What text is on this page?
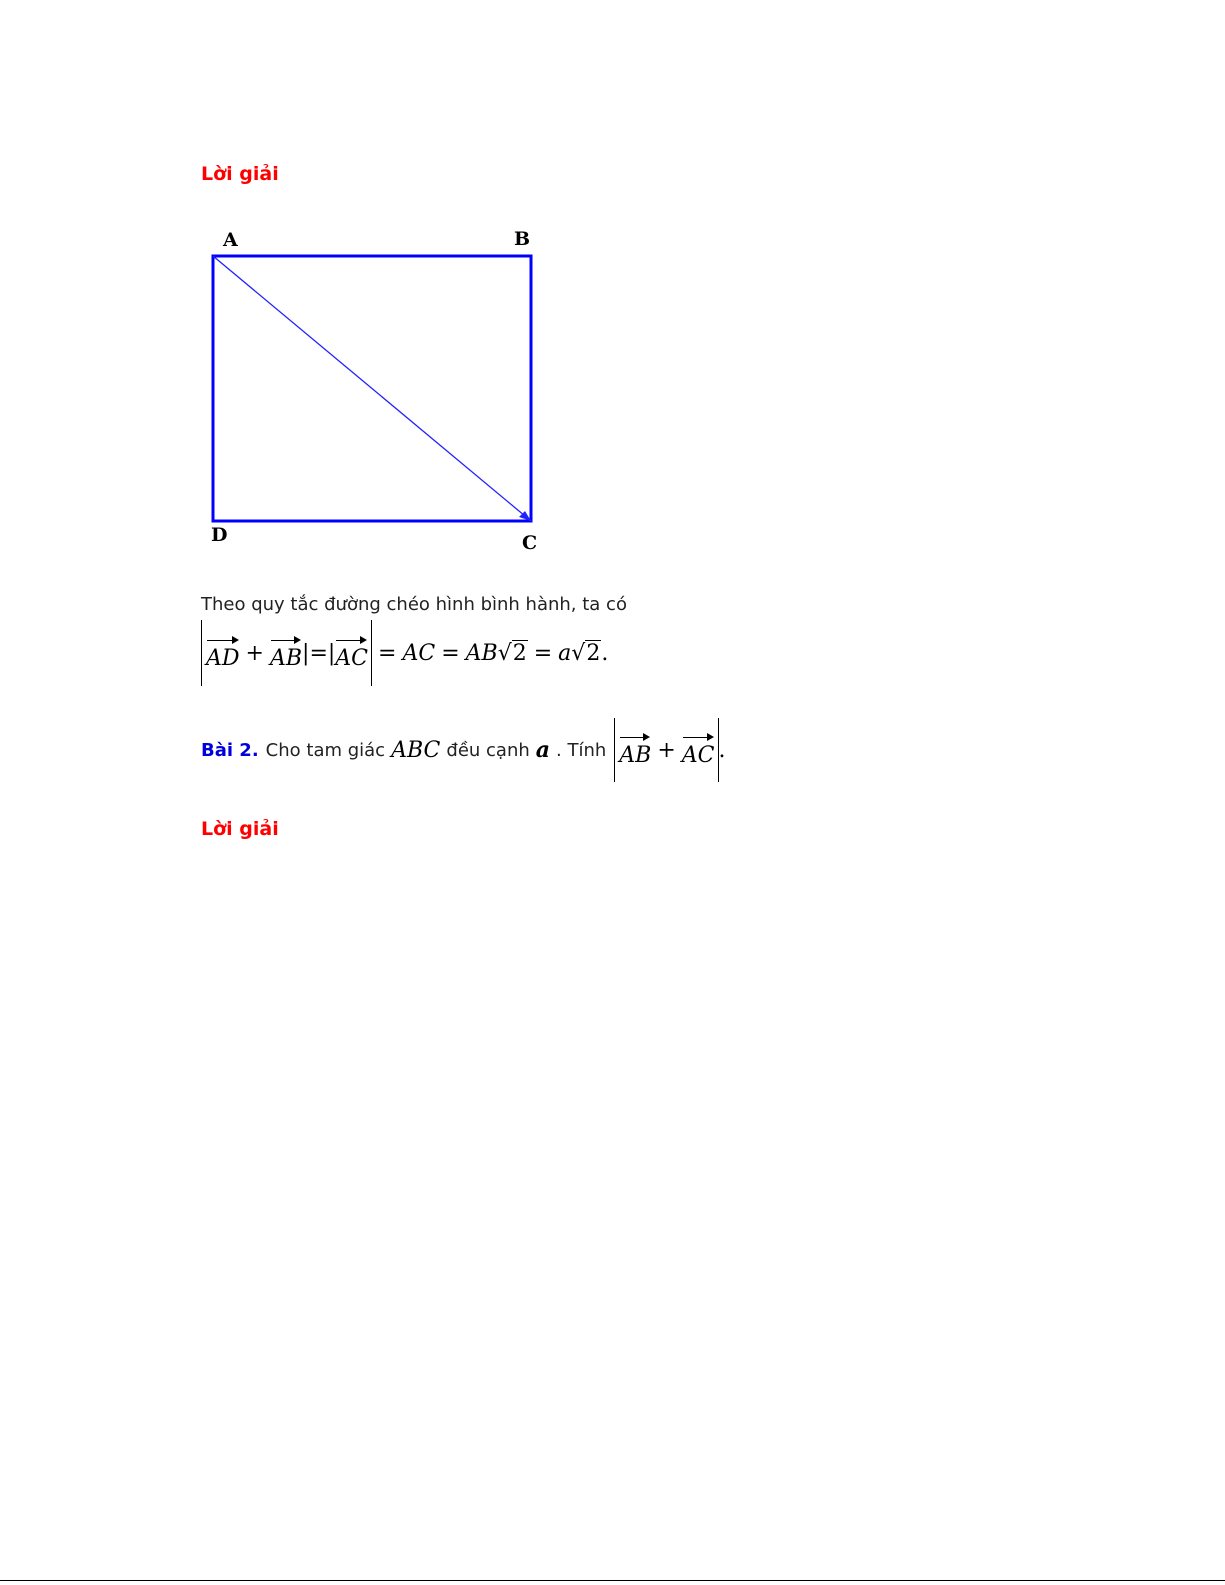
Lời giải
A	B
C
D
Theo quy tắc đường chéo hình bình hành, ta có
AD + AB |=| AC = AC = AB √2 = a √2 .
Bài 2. Cho tam giác ABC đều cạnh a . Tính AB + AC .
Lời giải
